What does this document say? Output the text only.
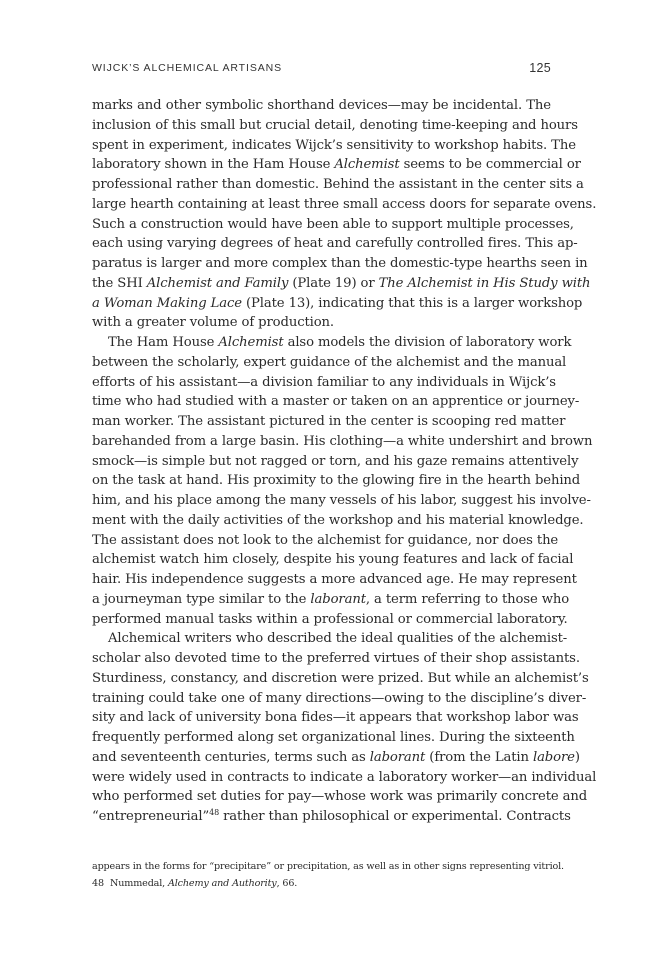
WIJCK’S ALCHEMICAL ARTISANS	125
marks and other symbolic shorthand devices—may be incidental. The
inclusion of this small but crucial detail, denoting time-keeping and hours
spent in experiment, indicates Wijck’s sensitivity to workshop habits. The
laboratory shown in the Ham House Alchemist seems to be commercial or
professional rather than domestic. Behind the assistant in the center sits a
large hearth containing at least three small access doors for separate ovens.
Such a construction would have been able to support multiple processes,
each using varying degrees of heat and carefully controlled fires. This ap-
paratus is larger and more complex than the domestic-type hearths seen in
the SHI Alchemist and Family (Plate 19) or The Alchemist in His Study with
a Woman Making Lace (Plate 13), indicating that this is a larger workshop
with a greater volume of production.
The Ham House Alchemist also models the division of laboratory work
between the scholarly, expert guidance of the alchemist and the manual
efforts of his assistant—a division familiar to any individuals in Wijck’s
time who had studied with a master or taken on an apprentice or journey-
man worker. The assistant pictured in the center is scooping red matter
barehanded from a large basin. His clothing—a white undershirt and brown
smock—is simple but not ragged or torn, and his gaze remains attentively
on the task at hand. His proximity to the glowing fire in the hearth behind
him, and his place among the many vessels of his labor, suggest his involve-
ment with the daily activities of the workshop and his material knowledge.
The assistant does not look to the alchemist for guidance, nor does the
alchemist watch him closely, despite his young features and lack of facial
hair. His independence suggests a more advanced age. He may represent
a journeyman type similar to the laborant, a term referring to those who
performed manual tasks within a professional or commercial laboratory.
Alchemical writers who described the ideal qualities of the alchemist-
scholar also devoted time to the preferred virtues of their shop assistants.
Sturdiness, constancy, and discretion were prized. But while an alchemist’s
training could take one of many directions—owing to the discipline’s diver-
sity and lack of university bona fides—it appears that workshop labor was
frequently performed along set organizational lines. During the sixteenth
and seventeenth centuries, terms such as laborant (from the Latin labore)
were widely used in contracts to indicate a laboratory worker—an individual
who performed set duties for pay—whose work was primarily concrete and
“entrepreneurial”$^{48}$ rather than philosophical or experimental. Contracts
appears in the forms for “precipitare” or precipitation, as well as in other signs representing vitriol.
48 Nummedal, Alchemy and Authority, 66.
